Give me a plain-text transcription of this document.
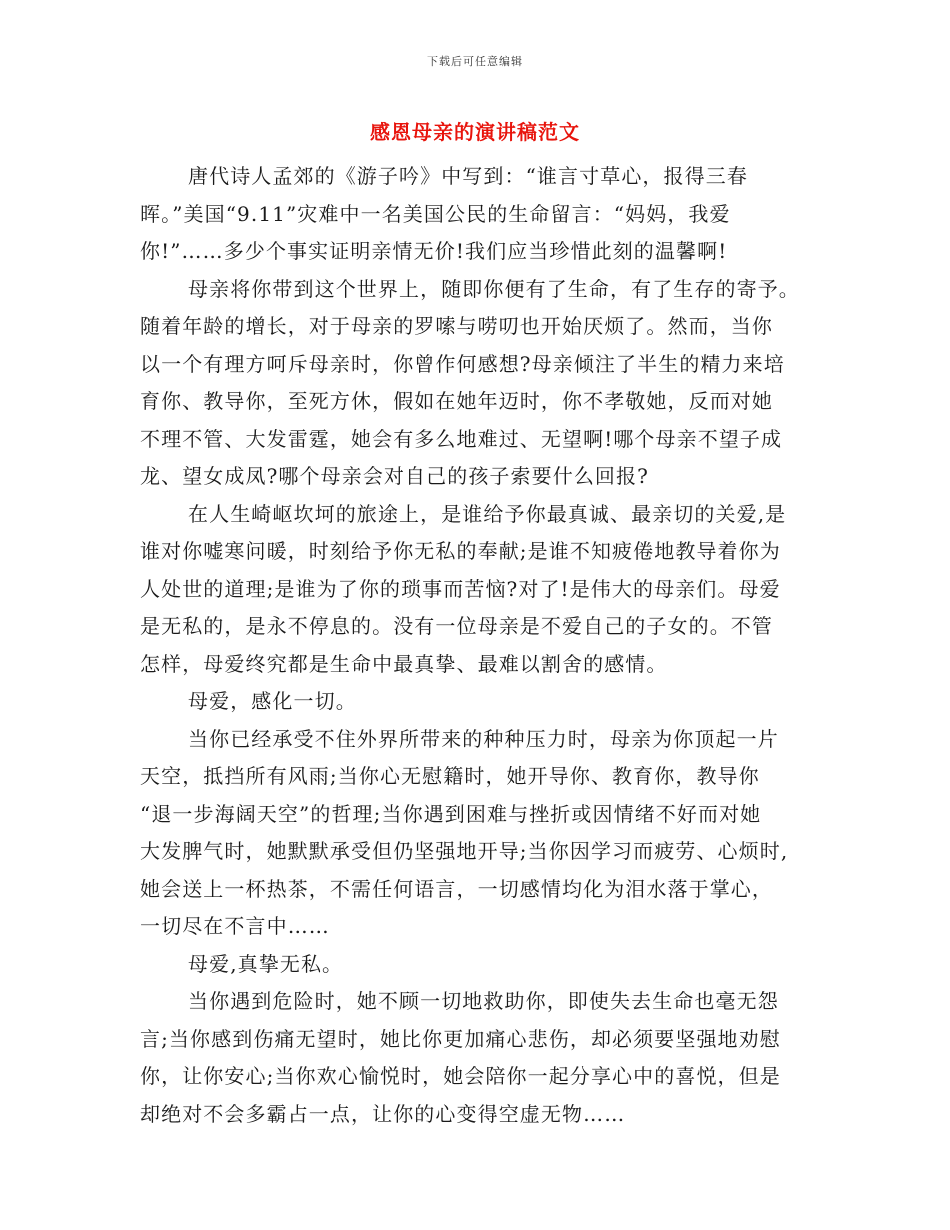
下载后可任意编辑
感恩母亲的演讲稿范文
唐代诗人孟郊的《游子吟》中写到：“谁言寸草心，报得三春
晖。”美国“9.11”灾难中一名美国公民的生命留言：“妈妈，我爱
你!”……多少个事实证明亲情无价!我们应当珍惜此刻的温馨啊!
母亲将你带到这个世界上，随即你便有了生命，有了生存的寄予。
随着年龄的增长，对于母亲的罗嗦与唠叨也开始厌烦了。然而，当你
以一个有理方呵斥母亲时，你曾作何感想?母亲倾注了半生的精力来培
育你、教导你，至死方休，假如在她年迈时，你不孝敬她，反而对她
不理不管、大发雷霆，她会有多么地难过、无望啊!哪个母亲不望子成
龙、望女成凤?哪个母亲会对自己的孩子索要什么回报?
在人生崎岖坎坷的旅途上，是谁给予你最真诚、最亲切的关爱,是
谁对你嘘寒问暖，时刻给予你无私的奉献;是谁不知疲倦地教导着你为
人处世的道理;是谁为了你的琐事而苦恼?对了!是伟大的母亲们。母爱
是无私的，是永不停息的。没有一位母亲是不爱自己的子女的。不管
怎样，母爱终究都是生命中最真挚、最难以割舍的感情。
母爱，感化一切。
当你已经承受不住外界所带来的种种压力时，母亲为你顶起一片
天空，抵挡所有风雨;当你心无慰籍时，她开导你、教育你，教导你
“退一步海阔天空”的哲理;当你遇到困难与挫折或因情绪不好而对她
大发脾气时，她默默承受但仍坚强地开导;当你因学习而疲劳、心烦时,
她会送上一杯热茶，不需任何语言，一切感情均化为泪水落于掌心，
一切尽在不言中……
母爱,真挚无私。
当你遇到危险时，她不顾一切地救助你，即使失去生命也毫无怨
言;当你感到伤痛无望时，她比你更加痛心悲伤，却必须要坚强地劝慰
你，让你安心;当你欢心愉悦时，她会陪你一起分享心中的喜悦，但是
却绝对不会多霸占一点，让你的心变得空虚无物……
